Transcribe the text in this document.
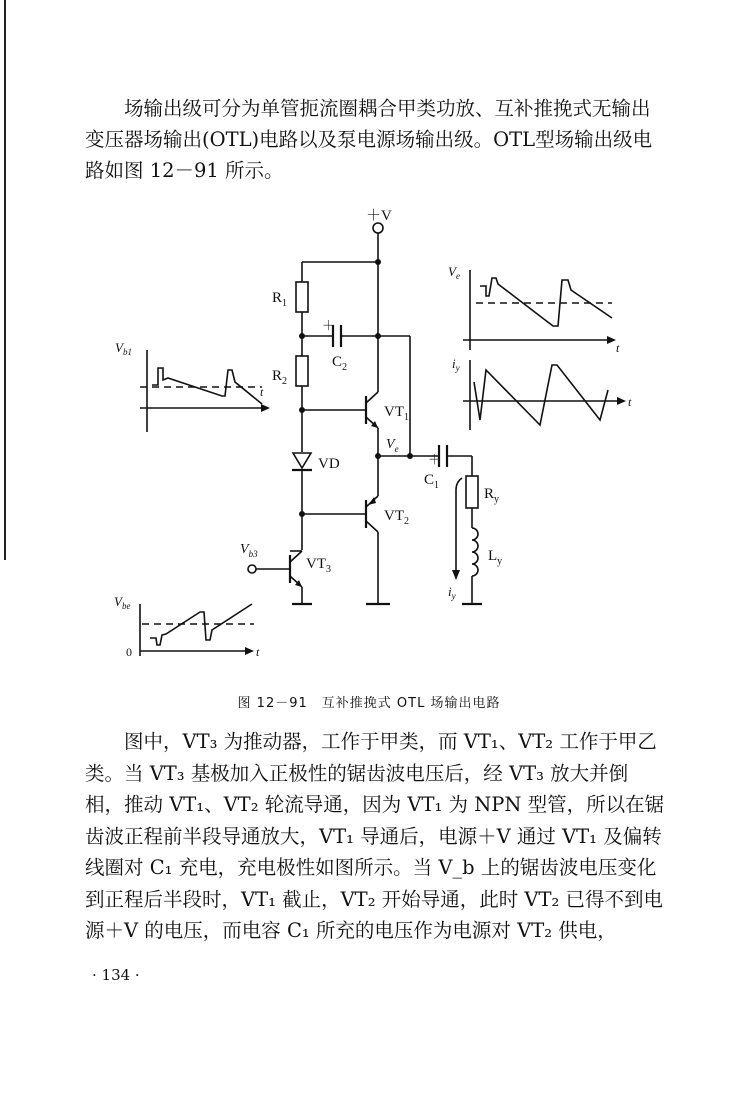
场输出级可分为单管扼流圈耦合甲类功放、互补推挽式无输出变压器场输出(OTL)电路以及泵电源场输出级。OTL型场输出级电路如图 12－91 所示。

＋V
$R_1$
＋
$C_2$
$R_2$
$VT_1$
$V_e$
＋
$C_1$
$R_y$
$L_y$
$i_y$
VD
$VT_2$
$VT_3$
$V_{b3}$
$V_{b1}$
t
$V_e$
t
$i_y$
t
$V_{be}$
0	t
图 12－91　互补推挽式 OTL 场输出电路

图中，VT₃ 为推动器，工作于甲类，而 VT₁、VT₂ 工作于甲乙类。当 VT₃ 基极加入正极性的锯齿波电压后，经 VT₃ 放大并倒相，推动 VT₁、VT₂ 轮流导通，因为 VT₁ 为 NPN 型管，所以在锯齿波正程前半段导通放大，VT₁ 导通后，电源＋V 通过 VT₁ 及偏转线圈对 C₁ 充电，充电极性如图所示。当 V_b 上的锯齿波电压变化到正程后半段时，VT₁ 截止，VT₂ 开始导通，此时 VT₂ 已得不到电源＋V 的电压，而电容 C₁ 所充的电压作为电源对 VT₂ 供电，

· 134 ·
